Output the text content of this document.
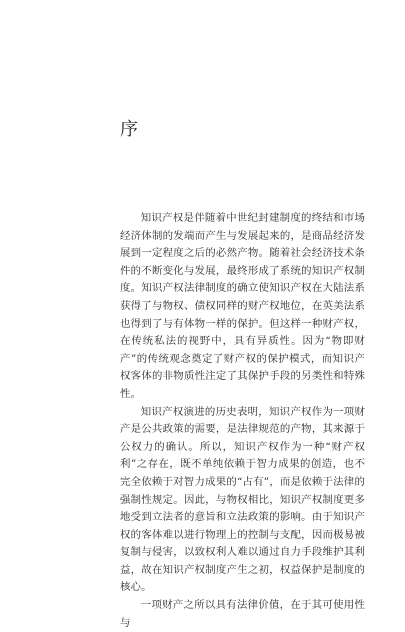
序

知识产权是伴随着中世纪封建制度的终结和市场经济体制的发端而产生与发展起来的，是商品经济发展到一定程度之后的必然产物。随着社会经济技术条件的不断变化与发展，最终形成了系统的知识产权制度。知识产权法律制度的确立使知识产权在大陆法系获得了与物权、债权同样的财产权地位，在英美法系也得到了与有体物一样的保护。但这样一种财产权，在传统私法的视野中，具有异质性。因为“物即财产”的传统观念奠定了财产权的保护模式，而知识产权客体的非物质性注定了其保护手段的另类性和特殊性。

知识产权演进的历史表明，知识产权作为一项财产是公共政策的需要，是法律规范的产物，其来源于公权力的确认。所以，知识产权作为一种“财产权利”之存在，既不单纯依赖于智力成果的创造，也不完全依赖于对智力成果的“占有”，而是依赖于法律的强制性规定。因此，与物权相比，知识产权制度更多地受到立法者的意旨和立法政策的影响。由于知识产权的客体难以进行物理上的控制与支配，因而极易被复制与侵害，以致权利人难以通过自力手段维护其利益，故在知识产权制度产生之初，权益保护是制度的核心。

一项财产之所以具有法律价值，在于其可使用性与
